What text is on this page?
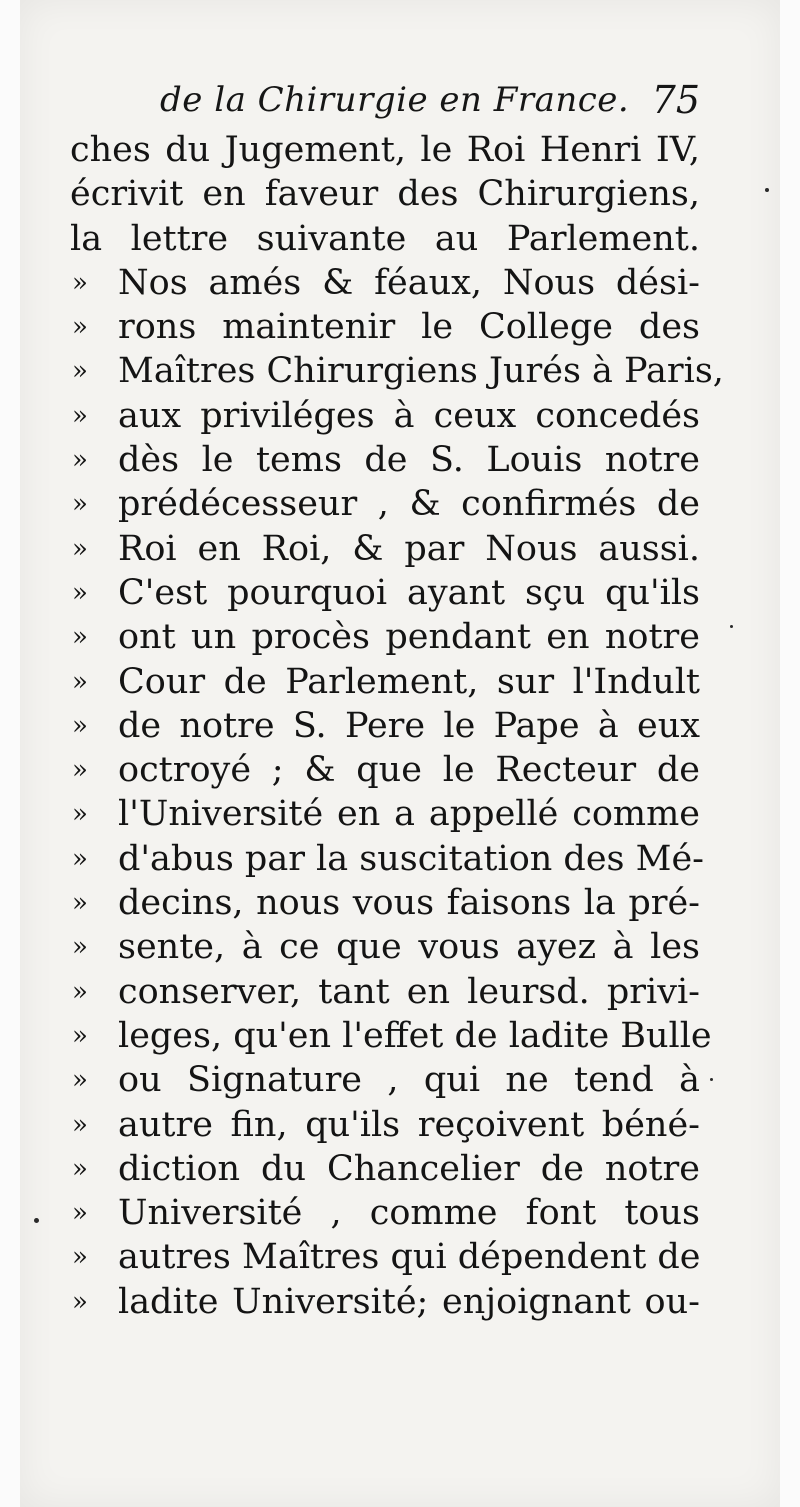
de la Chirurgie en France. 75
ches du Jugement, le Roi Henri IV,
écrivit en faveur des Chirurgiens,
la lettre suivante au Parlement.
» Nos amés & féaux, Nous dési-
» rons maintenir le College des
» Maîtres Chirurgiens Jurés à Paris,
» aux priviléges à ceux concedés
» dès le tems de S. Louis notre
» prédécesseur , & confirmés de
» Roi en Roi, & par Nous aussi.
» C'est pourquoi ayant sçu qu'ils
» ont un procès pendant en notre
» Cour de Parlement, sur l'Indult
» de notre S. Pere le Pape à eux
» octroyé ; & que le Recteur de
» l'Université en a appellé comme
» d'abus par la suscitation des Mé-
» decins, nous vous faisons la pré-
» sente, à ce que vous ayez à les
» conserver, tant en leursd. privi-
» leges, qu'en l'effet de ladite Bulle
» ou Signature , qui ne tend à
» autre fin, qu'ils reçoivent béné-
» diction du Chancelier de notre
» Université , comme font tous
» autres Maîtres qui dépendent de
» ladite Université; enjoignant ou-
